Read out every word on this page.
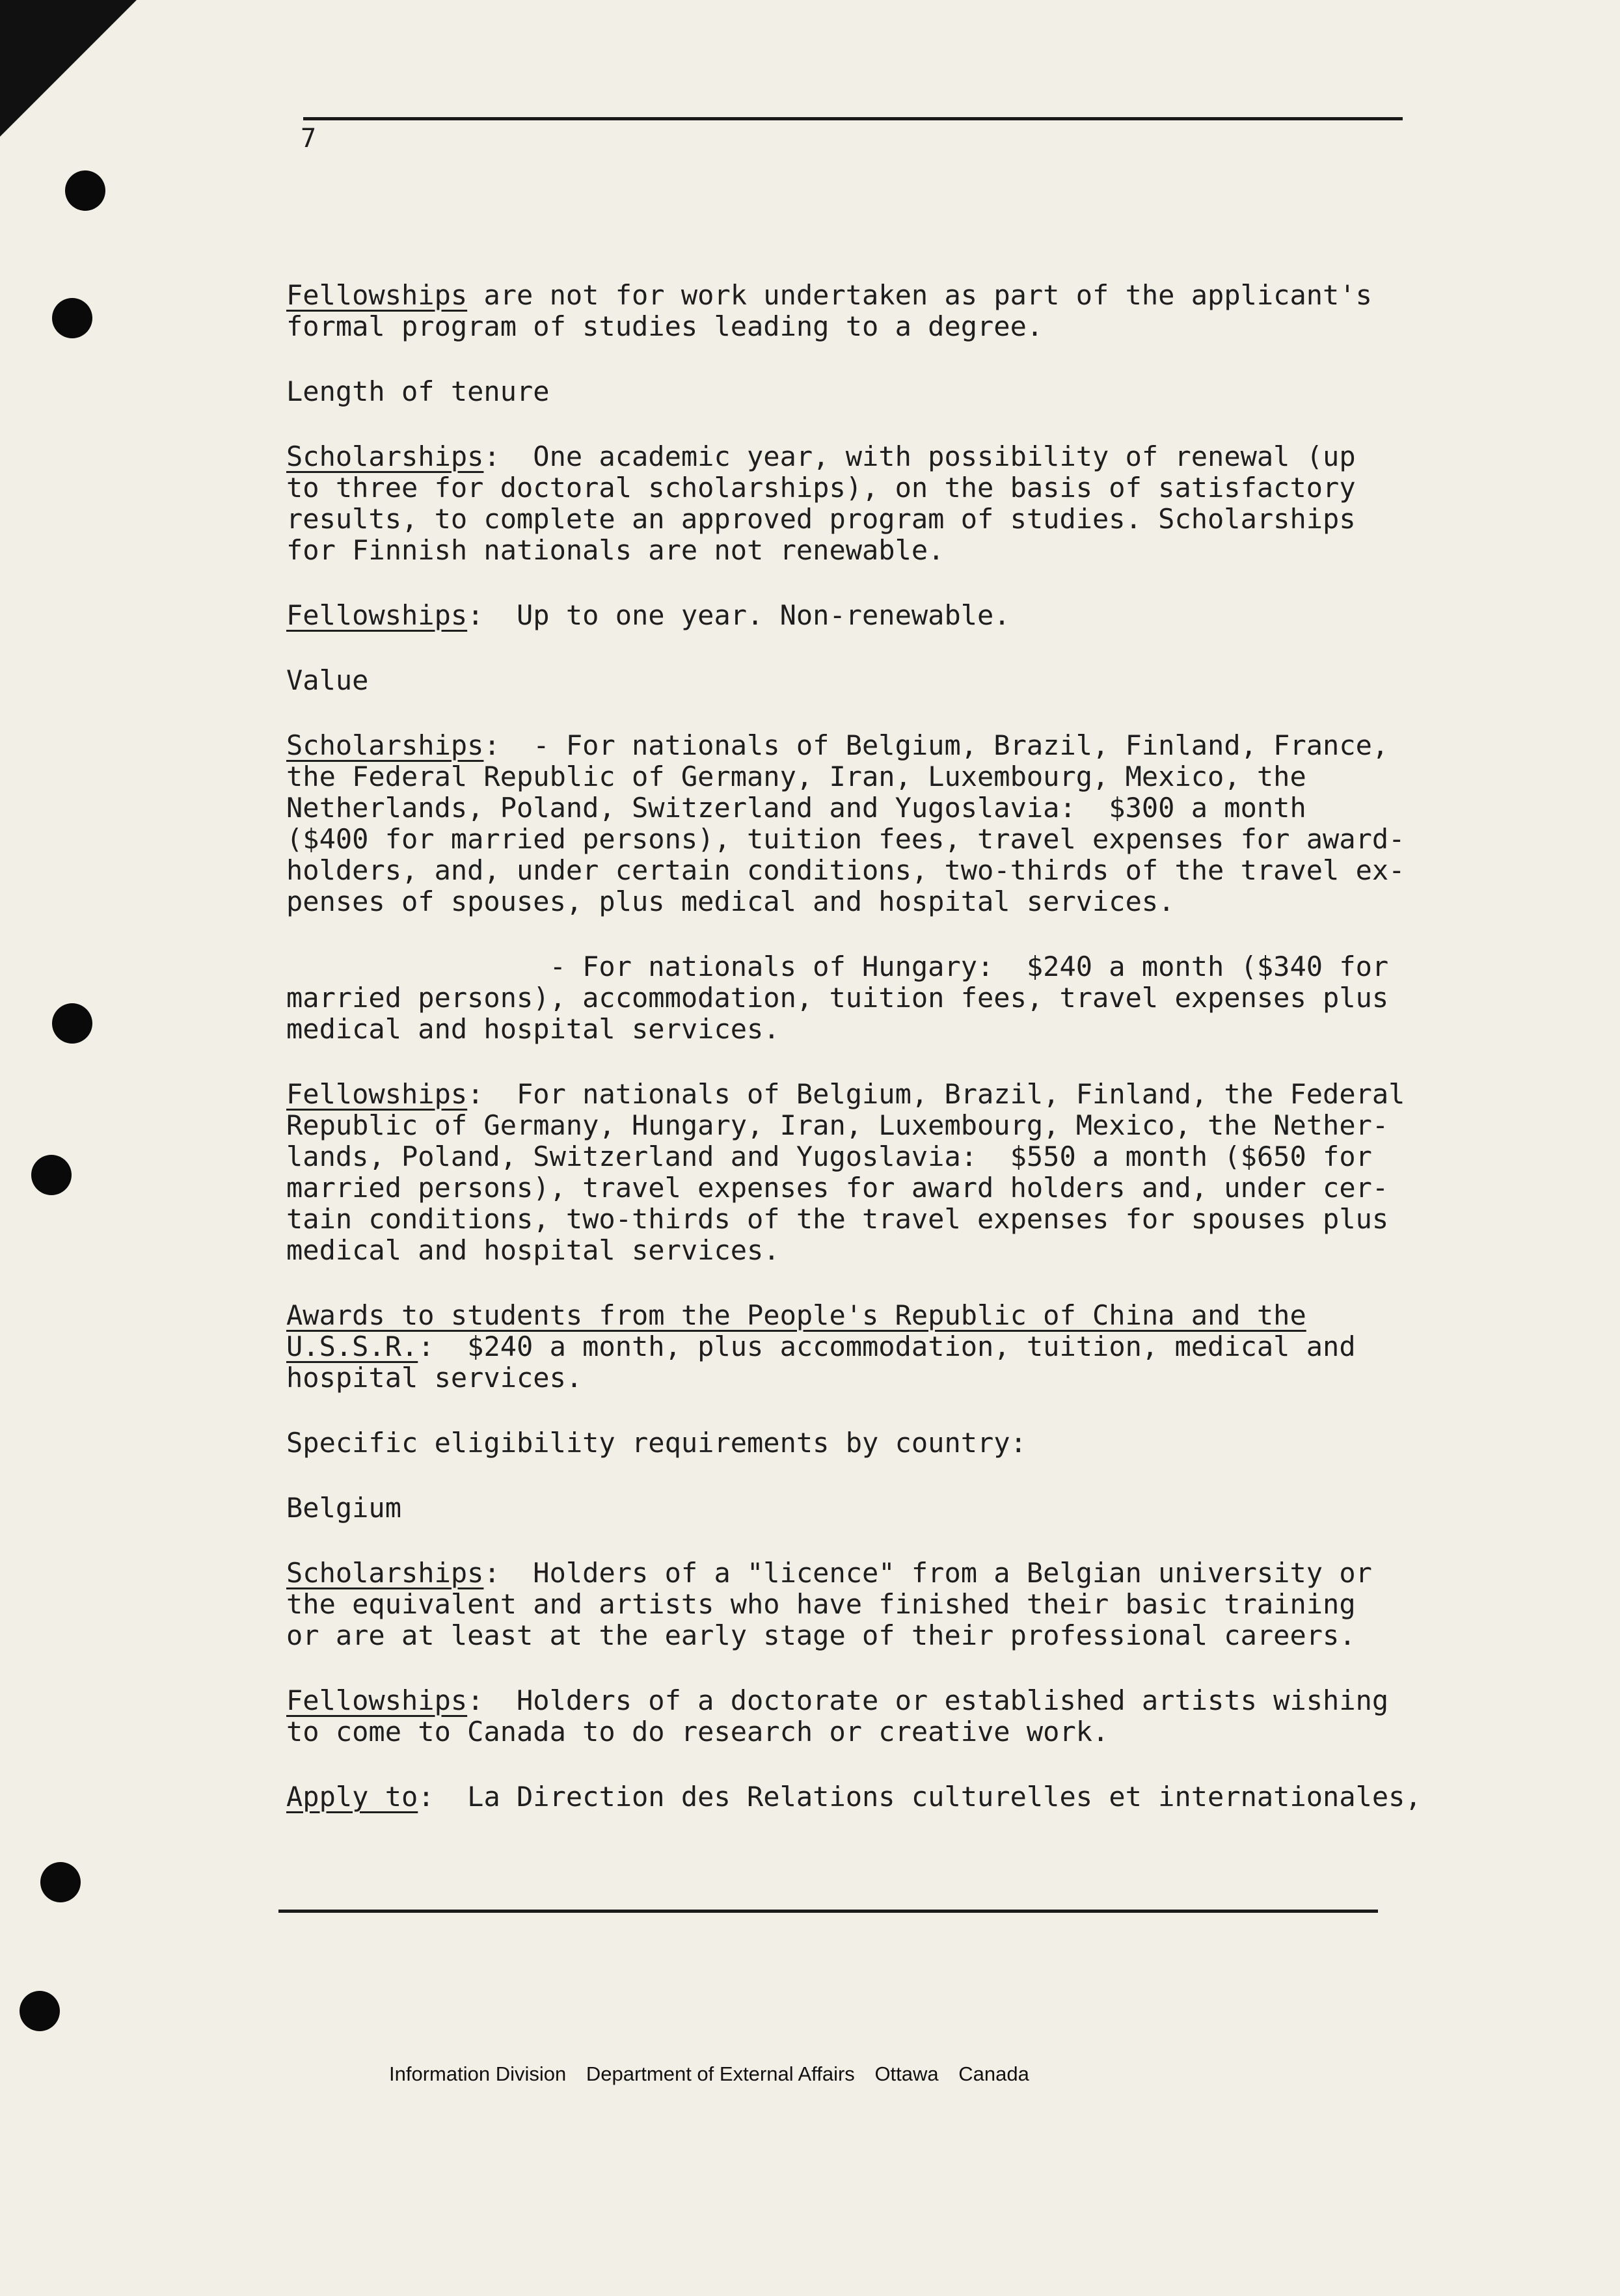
7
Fellowships are not for work undertaken as part of the applicant's
formal program of studies leading to a degree.
Length of tenure
Scholarships:  One academic year, with possibility of renewal (up
to three for doctoral scholarships), on the basis of satisfactory
results, to complete an approved program of studies. Scholarships
for Finnish nationals are not renewable.
Fellowships:  Up to one year. Non-renewable.
Value
Scholarships:  - For nationals of Belgium, Brazil, Finland, France,
the Federal Republic of Germany, Iran, Luxembourg, Mexico, the
Netherlands, Poland, Switzerland and Yugoslavia:  $300 a month
($400 for married persons), tuition fees, travel expenses for award-
holders, and, under certain conditions, two-thirds of the travel ex-
penses of spouses, plus medical and hospital services.
- For nationals of Hungary:  $240 a month ($340 for
married persons), accommodation, tuition fees, travel expenses plus
medical and hospital services.
Fellowships:  For nationals of Belgium, Brazil, Finland, the Federal
Republic of Germany, Hungary, Iran, Luxembourg, Mexico, the Nether-
lands, Poland, Switzerland and Yugoslavia:  $550 a month ($650 for
married persons), travel expenses for award holders and, under cer-
tain conditions, two-thirds of the travel expenses for spouses plus
medical and hospital services.
Awards to students from the People's Republic of China and the
U.S.S.R.:  $240 a month, plus accommodation, tuition, medical and
hospital services.
Specific eligibility requirements by country:
Belgium
Scholarships:  Holders of a "licence" from a Belgian university or
the equivalent and artists who have finished their basic training
or are at least at the early stage of their professional careers.
Fellowships:  Holders of a doctorate or established artists wishing
to come to Canada to do research or creative work.
Apply to:  La Direction des Relations culturelles et internationales,
Information Division Department of External Affairs Ottawa Canada
